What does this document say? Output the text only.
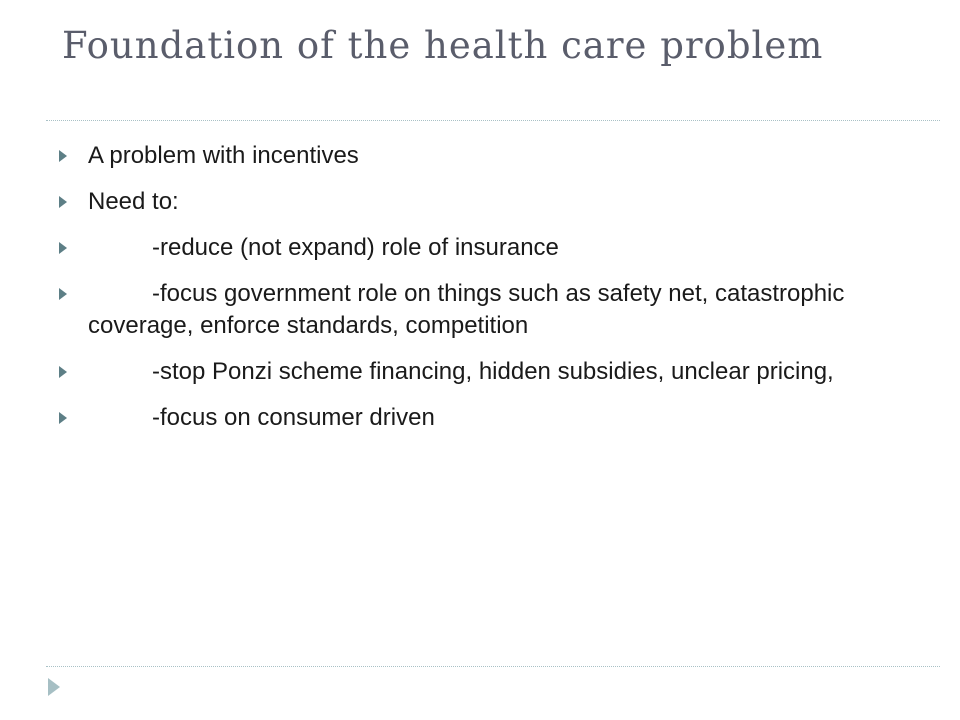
Foundation of the health care problem
A problem with incentives
Need to:
-reduce (not expand) role of insurance
-focus government role on things such as safety net, catastrophic coverage, enforce standards, competition
-stop Ponzi scheme financing, hidden subsidies, unclear pricing,
-focus on consumer driven
